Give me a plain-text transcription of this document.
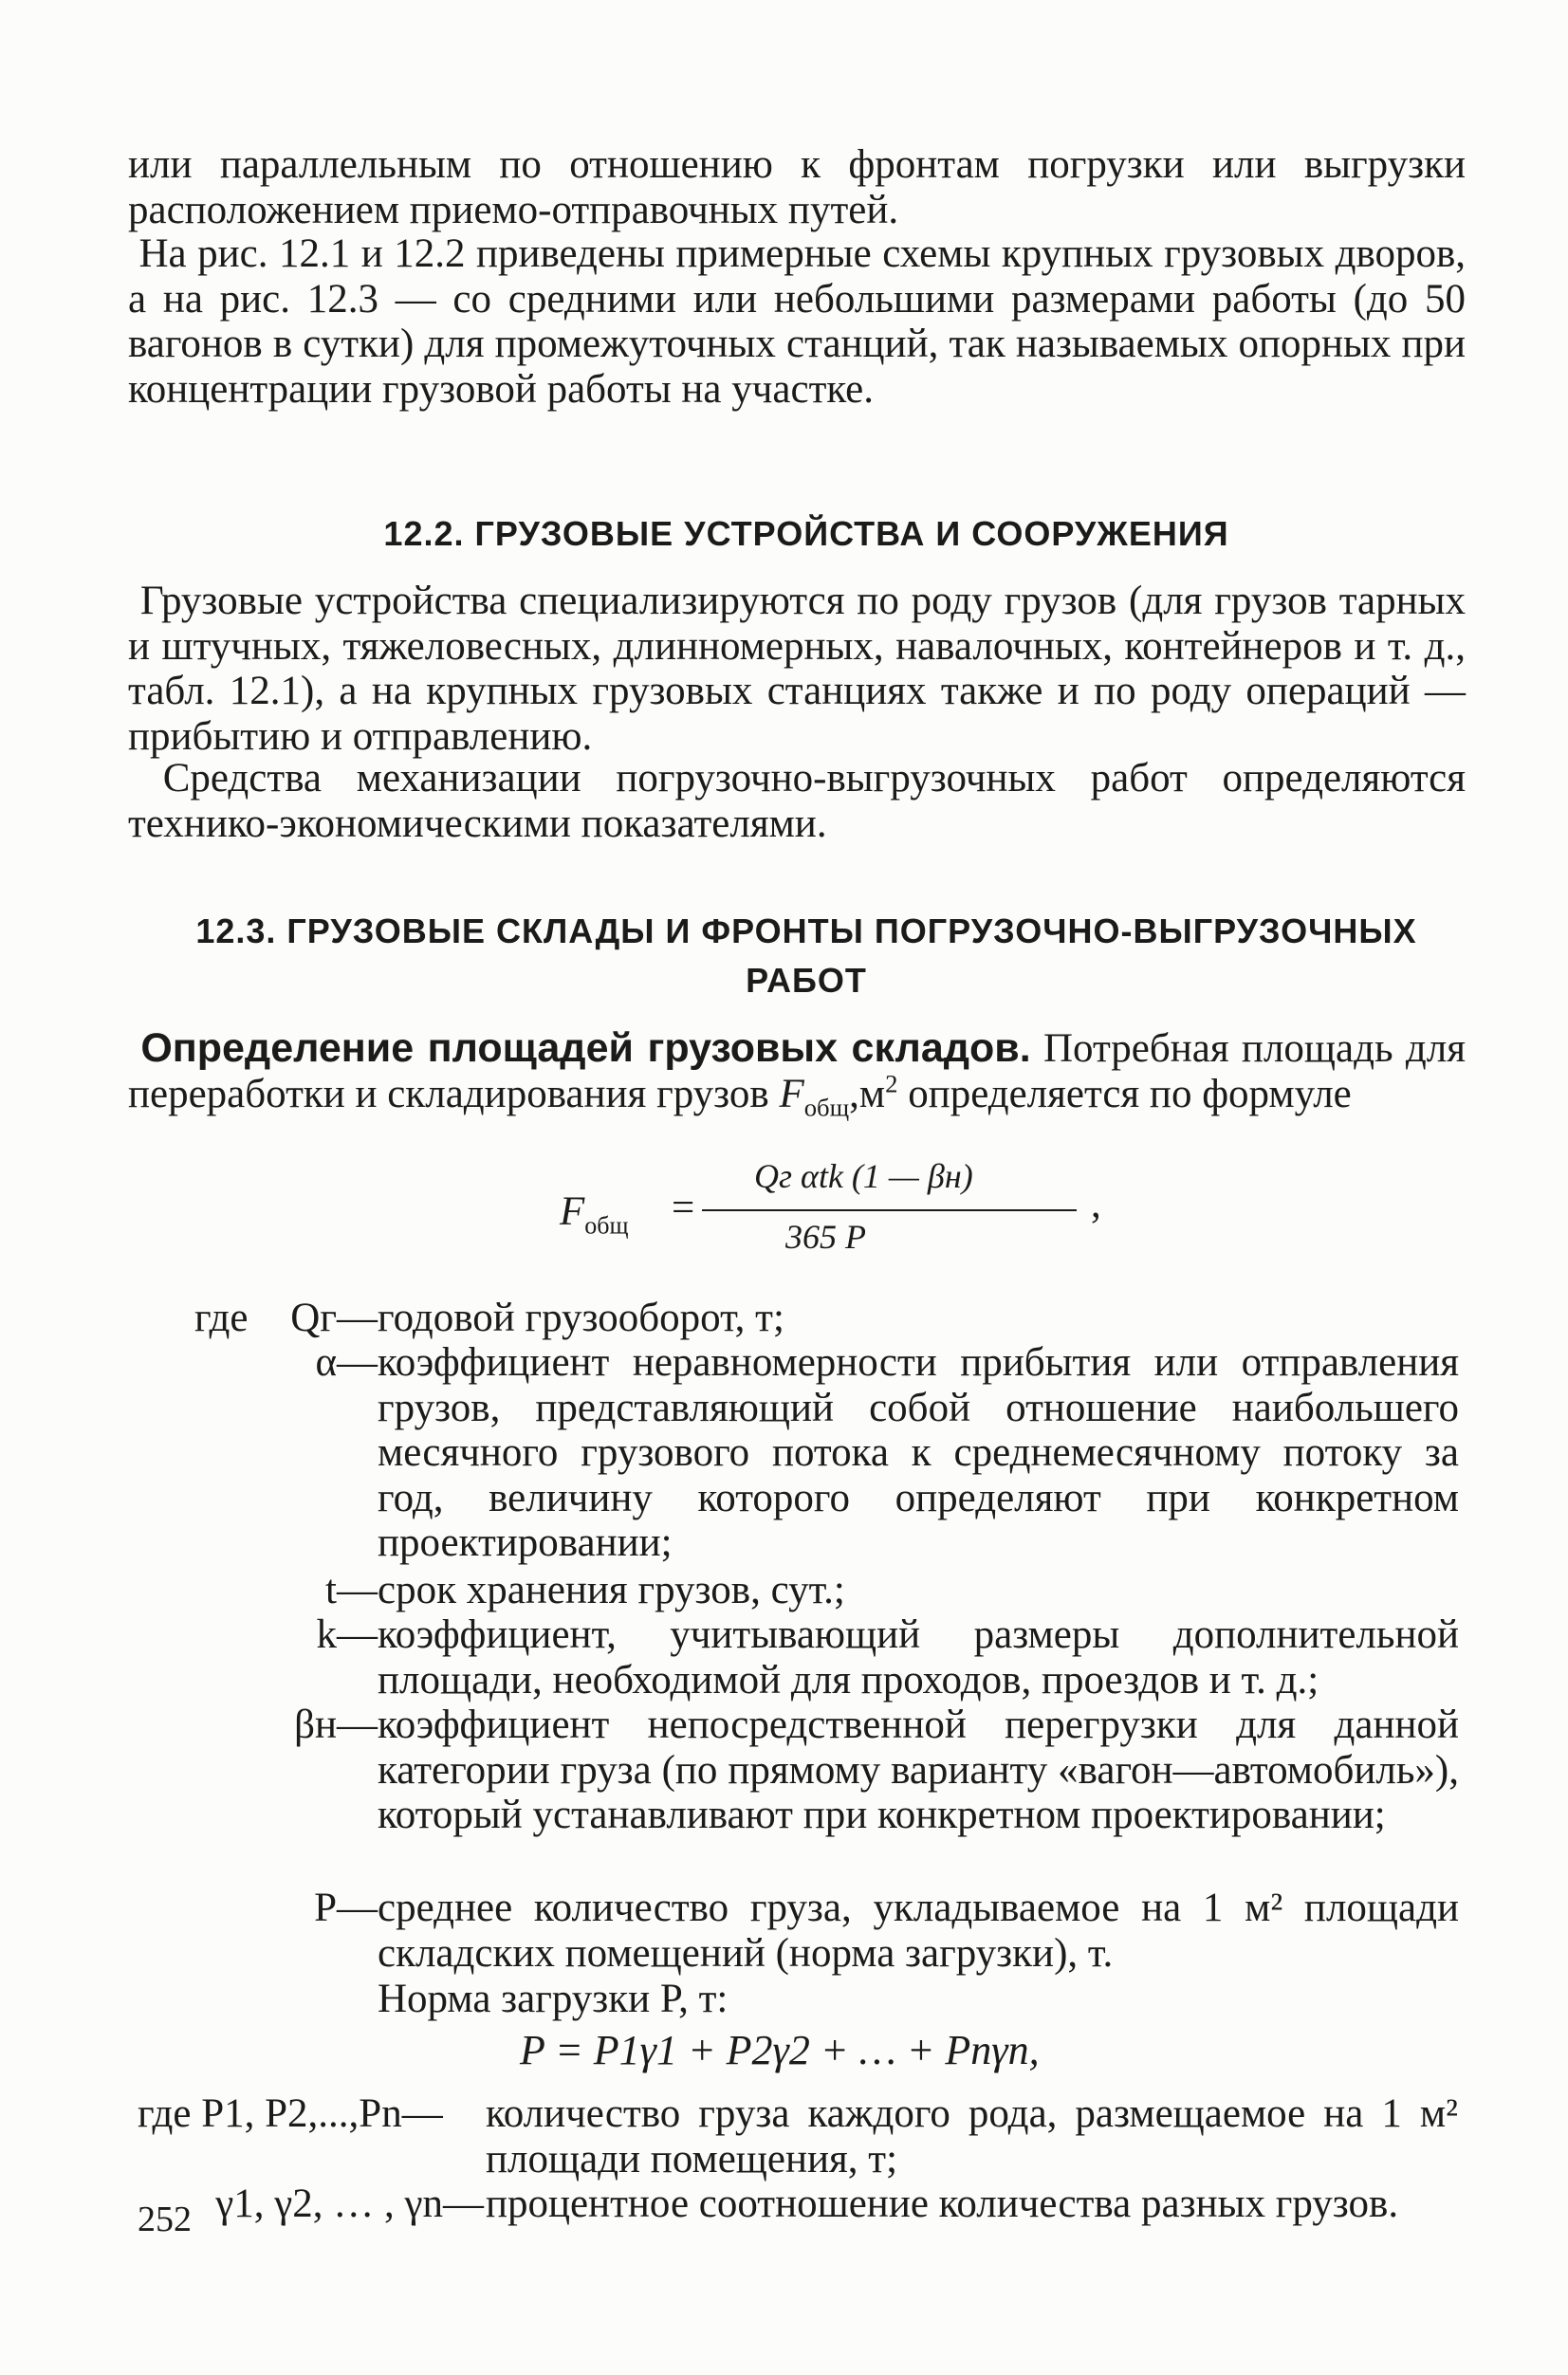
или параллельным по отношению к фронтам погрузки или выгрузки расположением приемо-отправочных путей.

На рис. 12.1 и 12.2 приведены примерные схемы крупных грузовых дворов, а на рис. 12.3 — со средними или небольшими размерами работы (до 50 вагонов в сутки) для промежуточных станций, так называемых опорных при концентрации грузовой работы на участке.

12.2. ГРУЗОВЫЕ УСТРОЙСТВА И СООРУЖЕНИЯ

Грузовые устройства специализируются по роду грузов (для грузов тарных и штучных, тяжеловесных, длинномерных, навалочных, контейнеров и т. д., табл. 12.1), а на крупных грузовых станциях также и по роду операций — прибытию и отправлению.

Средства механизации погрузочно-выгрузочных работ определяются технико-экономическими показателями.

12.3. ГРУЗОВЫЕ СКЛАДЫ И ФРОНТЫ ПОГРУЗОЧНО-ВЫГРУЗОЧНЫХ
РАБОТ

Определение площадей грузовых складов. Потребная площадь для переработки и складирования грузов $F_{общ},м^2$ определяется по формуле

$F_{общ}$ =
Qг αtk (1 — βн)
365 P
,
где Qг— годовой грузооборот, т;
α— коэффициент неравномерности прибытия или отправления грузов, представляющий собой отношение наибольшего месячного грузового потока к среднемесячному потоку за год, величину которого определяют при конкретном проектировании;
t— срок хранения грузов, сут.;
k— коэффициент, учитывающий размеры дополнительной площади, необходимой для проходов, проездов и т. д.;
βн— коэффициент непосредственной перегрузки для данной категории груза (по прямому варианту «вагон—автомобиль»), который устанавливают при конкретном проектировании;
P— среднее количество груза, укладываемое на 1 м² площади складских помещений (норма загрузки), т.
Норма загрузки P, т:
P = P1γ1 + P2γ2 + … + Pnγn,
где P1, P2,...,Pn— количество груза каждого рода, размещаемое на 1 м² площади помещения, т;
γ1, γ2, … , γn— процентное соотношение количества разных грузов.
252
